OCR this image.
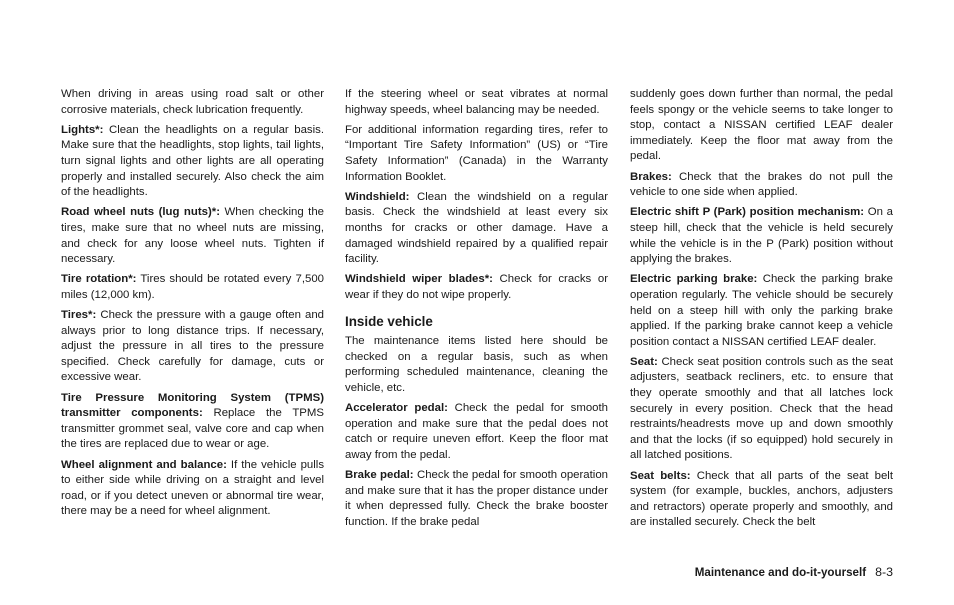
When driving in areas using road salt or other corrosive materials, check lubrication frequently.

Lights*: Clean the headlights on a regular basis. Make sure that the headlights, stop lights, tail lights, turn signal lights and other lights are all operating properly and installed securely. Also check the aim of the headlights.

Road wheel nuts (lug nuts)*: When checking the tires, make sure that no wheel nuts are missing, and check for any loose wheel nuts. Tighten if necessary.

Tire rotation*: Tires should be rotated every 7,500 miles (12,000 km).

Tires*: Check the pressure with a gauge often and always prior to long distance trips. If necessary, adjust the pressure in all tires to the pressure specified. Check carefully for damage, cuts or excessive wear.

Tire Pressure Monitoring System (TPMS) transmitter components: Replace the TPMS transmitter grommet seal, valve core and cap when the tires are replaced due to wear or age.

Wheel alignment and balance: If the vehicle pulls to either side while driving on a straight and level road, or if you detect uneven or abnormal tire wear, there may be a need for wheel alignment.

If the steering wheel or seat vibrates at normal highway speeds, wheel balancing may be needed.

For additional information regarding tires, refer to “Important Tire Safety Information” (US) or “Tire Safety Information” (Canada) in the Warranty Information Booklet.

Windshield: Clean the windshield on a regular basis. Check the windshield at least every six months for cracks or other damage. Have a damaged windshield repaired by a qualified repair facility.

Windshield wiper blades*: Check for cracks or wear if they do not wipe properly.

Inside vehicle

The maintenance items listed here should be checked on a regular basis, such as when performing scheduled maintenance, cleaning the vehicle, etc.

Accelerator pedal: Check the pedal for smooth operation and make sure that the pedal does not catch or require uneven effort. Keep the floor mat away from the pedal.

Brake pedal: Check the pedal for smooth operation and make sure that it has the proper distance under it when depressed fully. Check the brake booster function. If the brake pedal

suddenly goes down further than normal, the pedal feels spongy or the vehicle seems to take longer to stop, contact a NISSAN certified LEAF dealer immediately. Keep the floor mat away from the pedal.

Brakes: Check that the brakes do not pull the vehicle to one side when applied.

Electric shift P (Park) position mechanism: On a steep hill, check that the vehicle is held securely while the vehicle is in the P (Park) position without applying the brakes.

Electric parking brake: Check the parking brake operation regularly. The vehicle should be securely held on a steep hill with only the parking brake applied. If the parking brake cannot keep a vehicle position contact a NISSAN certified LEAF dealer.

Seat: Check seat position controls such as the seat adjusters, seatback recliners, etc. to ensure that they operate smoothly and that all latches lock securely in every position. Check that the head restraints/headrests move up and down smoothly and that the locks (if so equipped) hold securely in all latched positions.

Seat belts: Check that all parts of the seat belt system (for example, buckles, anchors, adjusters and retractors) operate properly and smoothly, and are installed securely. Check the belt

Maintenance and do-it-yourself 8-3
